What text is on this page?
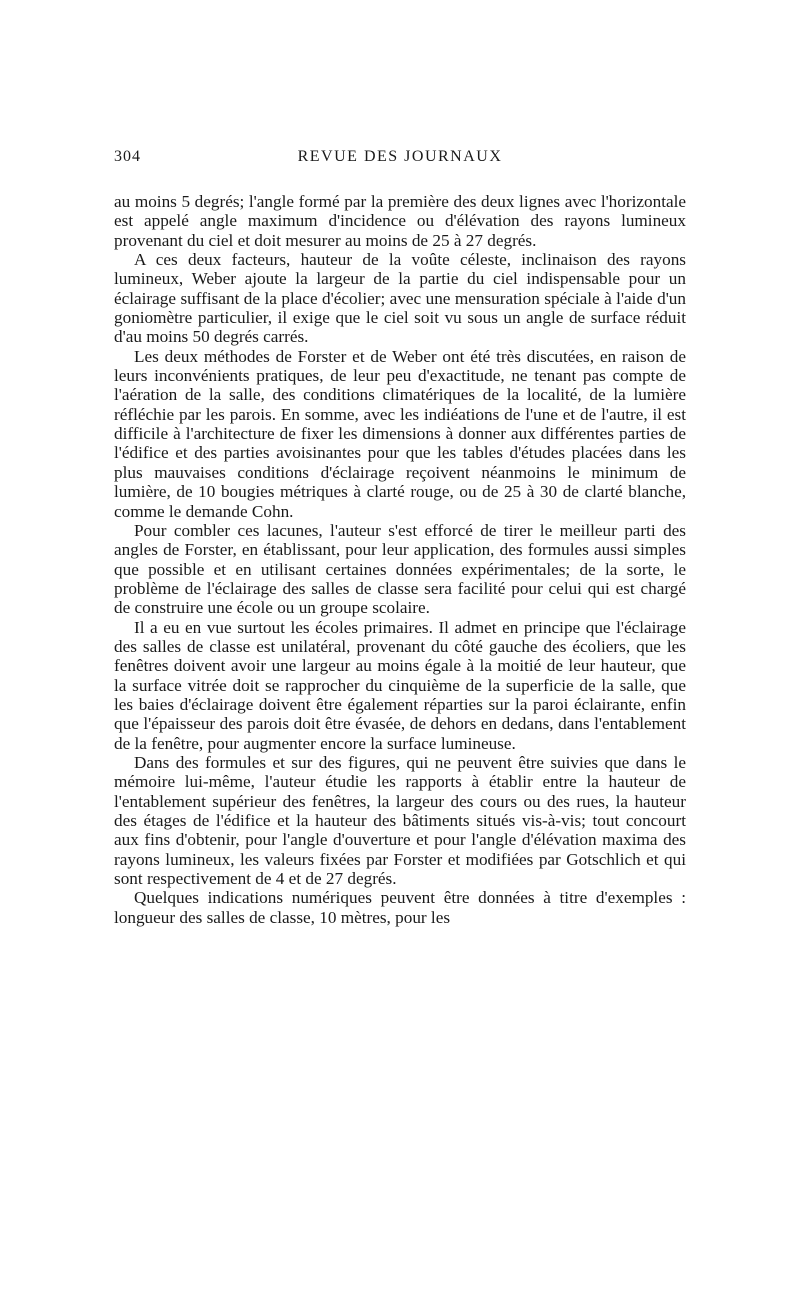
304	REVUE DES JOURNAUX

au moins 5 degrés; l'angle formé par la première des deux lignes avec l'horizontale est appelé angle maximum d'incidence ou d'élévation des rayons lumineux provenant du ciel et doit mesurer au moins de 25 à 27 degrés.

A ces deux facteurs, hauteur de la voûte céleste, inclinaison des rayons lumineux, Weber ajoute la largeur de la partie du ciel indispensable pour un éclairage suffisant de la place d'écolier; avec une mensuration spéciale à l'aide d'un goniomètre particulier, il exige que le ciel soit vu sous un angle de surface réduit d'au moins 50 degrés carrés.

Les deux méthodes de Forster et de Weber ont été très discutées, en raison de leurs inconvénients pratiques, de leur peu d'exactitude, ne tenant pas compte de l'aération de la salle, des conditions climatériques de la localité, de la lumière réfléchie par les parois. En somme, avec les indiéations de l'une et de l'autre, il est difficile à l'architecture de fixer les dimensions à donner aux différentes parties de l'édifice et des parties avoisinantes pour que les tables d'études placées dans les plus mauvaises conditions d'éclairage reçoivent néanmoins le minimum de lumière, de 10 bougies métriques à clarté rouge, ou de 25 à 30 de clarté blanche, comme le demande Cohn.

Pour combler ces lacunes, l'auteur s'est efforcé de tirer le meilleur parti des angles de Forster, en établissant, pour leur application, des formules aussi simples que possible et en utilisant certaines données expérimentales; de la sorte, le problème de l'éclairage des salles de classe sera facilité pour celui qui est chargé de construire une école ou un groupe scolaire.

Il a eu en vue surtout les écoles primaires. Il admet en principe que l'éclairage des salles de classe est unilatéral, provenant du côté gauche des écoliers, que les fenêtres doivent avoir une largeur au moins égale à la moitié de leur hauteur, que la surface vitrée doit se rapprocher du cinquième de la superficie de la salle, que les baies d'éclairage doivent être également réparties sur la paroi éclairante, enfin que l'épaisseur des parois doit être évasée, de dehors en dedans, dans l'entablement de la fenêtre, pour augmenter encore la surface lumineuse.

Dans des formules et sur des figures, qui ne peuvent être suivies que dans le mémoire lui-même, l'auteur étudie les rapports à établir entre la hauteur de l'entablement supérieur des fenêtres, la largeur des cours ou des rues, la hauteur des étages de l'édifice et la hauteur des bâtiments situés vis-à-vis; tout concourt aux fins d'obtenir, pour l'angle d'ouverture et pour l'angle d'élévation maxima des rayons lumineux, les valeurs fixées par Forster et modifiées par Gotschlich et qui sont respectivement de 4 et de 27 degrés.

Quelques indications numériques peuvent être données à titre d'exemples : longueur des salles de classe, 10 mètres, pour les
